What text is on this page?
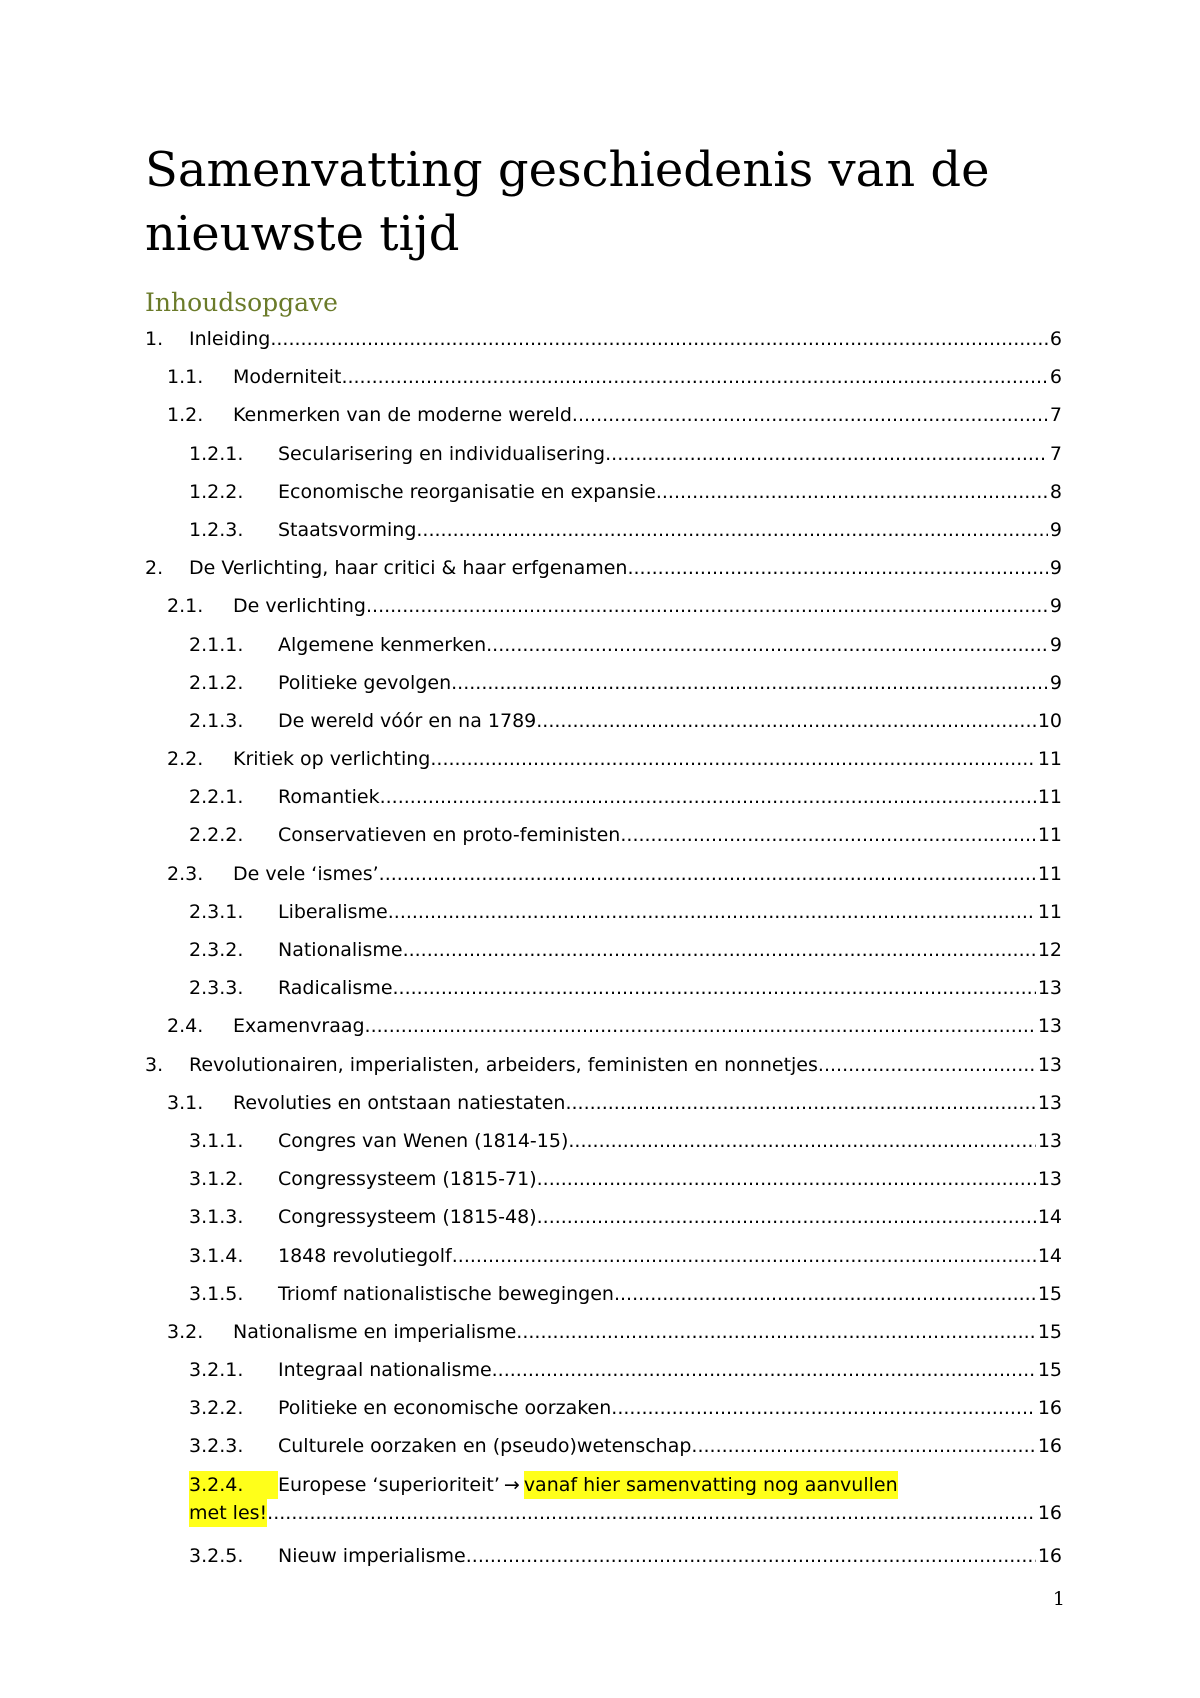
Samenvatting geschiedenis van de nieuwste tijd
Inhoudsopgave
1.	Inleiding .....	6
1.1.	Moderniteit .....	6
1.2.	Kenmerken van de moderne wereld .....	7
1.2.1.	Secularisering en individualisering .....	7
1.2.2.	Economische reorganisatie en expansie .....	8
1.2.3.	Staatsvorming .....	9
2.	De Verlichting, haar critici & haar erfgenamen .....	9
2.1.	De verlichting .....	9
2.1.1.	Algemene kenmerken .....	9
2.1.2.	Politieke gevolgen .....	9
2.1.3.	De wereld vóór en na 1789 .....	10
2.2.	Kritiek op verlichting .....	11
2.2.1.	Romantiek .....	11
2.2.2.	Conservatieven en proto-feministen .....	11
2.3.	De vele ‘ismes’ .....	11
2.3.1.	Liberalisme .....	11
2.3.2.	Nationalisme .....	12
2.3.3.	Radicalisme .....	13
2.4.	Examenvraag .....	13
3.	Revolutionairen, imperialisten, arbeiders, feministen en nonnetjes .....	13
3.1.	Revoluties en ontstaan natiestaten .....	13
3.1.1.	Congres van Wenen (1814-15) .....	13
3.1.2.	Congressysteem (1815-71) .....	13
3.1.3.	Congressysteem (1815-48) .....	14
3.1.4.	1848 revolutiegolf .....	14
3.1.5.	Triomf nationalistische bewegingen .....	15
3.2.	Nationalisme en imperialisme .....	15
3.2.1.	Integraal nationalisme .....	15
3.2.2.	Politieke en economische oorzaken .....	16
3.2.3.	Culturele oorzaken en (pseudo)wetenschap .....	16
3.2.4.	Europese ‘superioriteit’ → vanaf hier samenvatting nog aanvullen
met les! .....	16
3.2.5.	Nieuw imperialisme .....	16
1
